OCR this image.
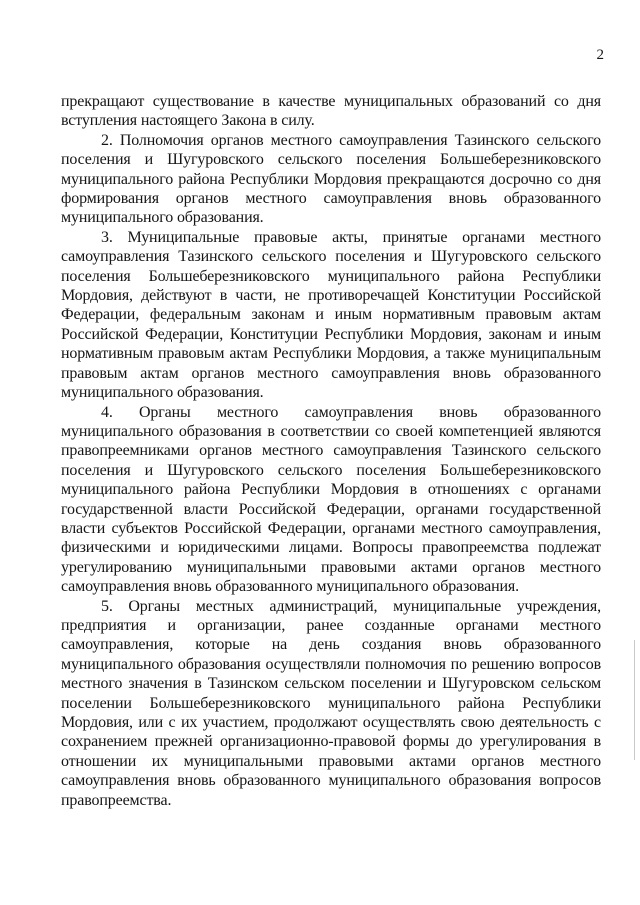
2

прекращают существование в качестве муниципальных образований со дня вступления настоящего Закона в силу.

2. Полномочия органов местного самоуправления Тазинского сельского поселения и Шугуровского сельского поселения Большеберезниковского муниципального района Республики Мордовия прекращаются досрочно со дня формирования органов местного самоуправления вновь образованного муниципального образования.

3. Муниципальные правовые акты, принятые органами местного самоуправления Тазинского сельского поселения и Шугуровского сельского поселения Большеберезниковского муниципального района Республики Мордовия, действуют в части, не противоречащей Конституции Российской Федерации, федеральным законам и иным нормативным правовым актам Российской Федерации, Конституции Республики Мордовия, законам и иным нормативным правовым актам Республики Мордовия, а также муниципальным правовым актам органов местного самоуправления вновь образованного муниципального образования.

4. Органы местного самоуправления вновь образованного муниципального образования в соответствии со своей компетенцией являются правопреемниками органов местного самоуправления Тазинского сельского поселения и Шугуровского сельского поселения Большеберезниковского муниципального района Республики Мордовия в отношениях с органами государственной власти Российской Федерации, органами государственной власти субъектов Российской Федерации, органами местного самоуправления, физическими и юридическими лицами. Вопросы правопреемства подлежат урегулированию муниципальными правовыми актами органов местного самоуправления вновь образованного муниципального образования.

5. Органы местных администраций, муниципальные учреждения, предприятия и организации, ранее созданные органами местного самоуправления, которые на день создания вновь образованного муниципального образования осуществляли полномочия по решению вопросов местного значения в Тазинском сельском поселении и Шугуровском сельском поселении Большеберезниковского муниципального района Республики Мордовия, или с их участием, продолжают осуществлять свою деятельность с сохранением прежней организационно-правовой формы до урегулирования в отношении их муниципальными правовыми актами органов местного самоуправления вновь образованного муниципального образования вопросов правопреемства.
